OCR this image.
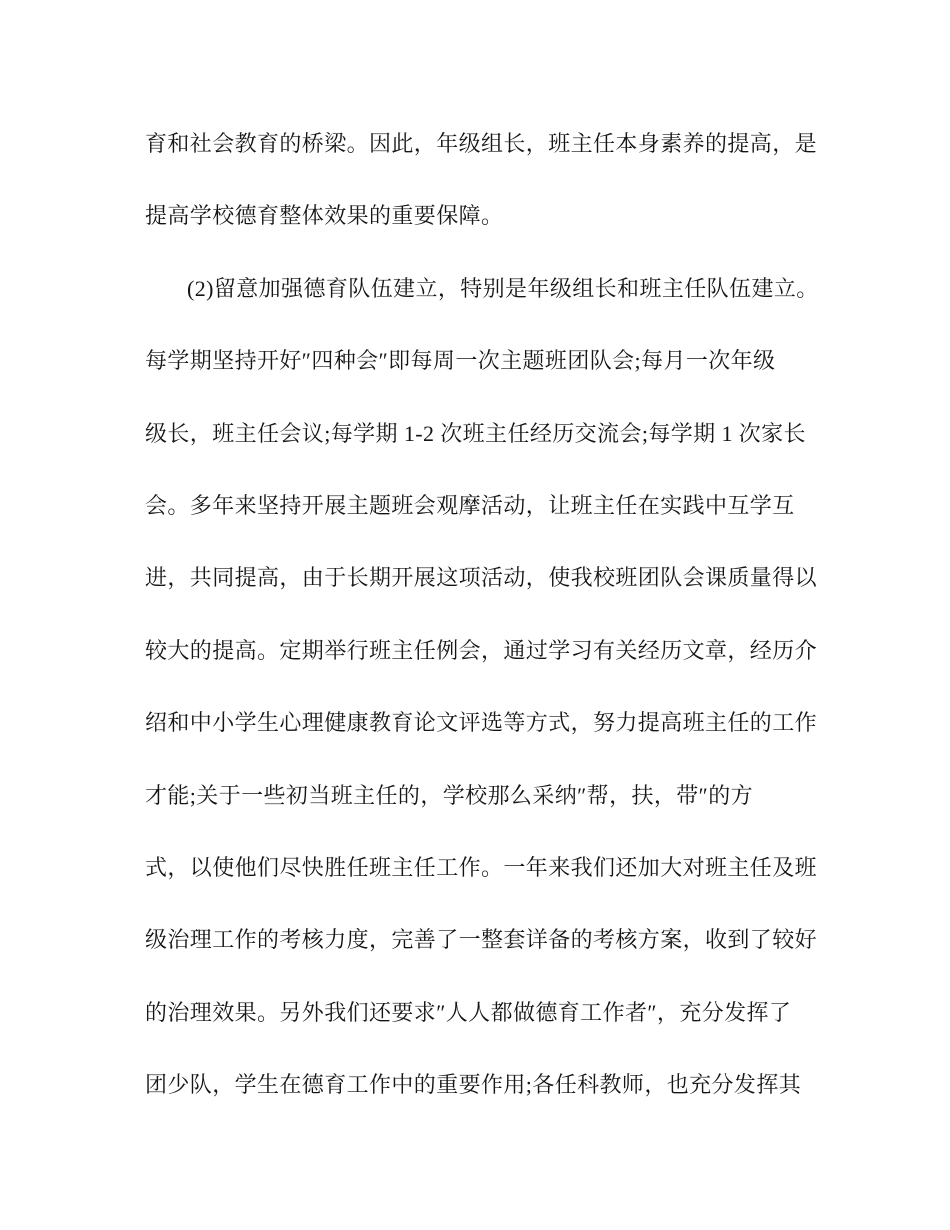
育和社会教育的桥梁。因此，年级组长，班主任本身素养的提高，是
提高学校德育整体效果的重要保障。
(2)留意加强德育队伍建立，特别是年级组长和班主任队伍建立。
每学期坚持开好″四种会″即每周一次主题班团队会;每月一次年级
级长，班主任会议;每学期 1-2 次班主任经历交流会;每学期 1 次家长
会。多年来坚持开展主题班会观摩活动，让班主任在实践中互学互
进，共同提高，由于长期开展这项活动，使我校班团队会课质量得以
较大的提高。定期举行班主任例会，通过学习有关经历文章，经历介
绍和中小学生心理健康教育论文评选等方式，努力提高班主任的工作
才能;关于一些初当班主任的，学校那么采纳″帮，扶，带″的方
式，以使他们尽快胜任班主任工作。一年来我们还加大对班主任及班
级治理工作的考核力度，完善了一整套详备的考核方案，收到了较好
的治理效果。另外我们还要求″人人都做德育工作者″，充分发挥了
团少队，学生在德育工作中的重要作用;各任科教师，也充分发挥其
